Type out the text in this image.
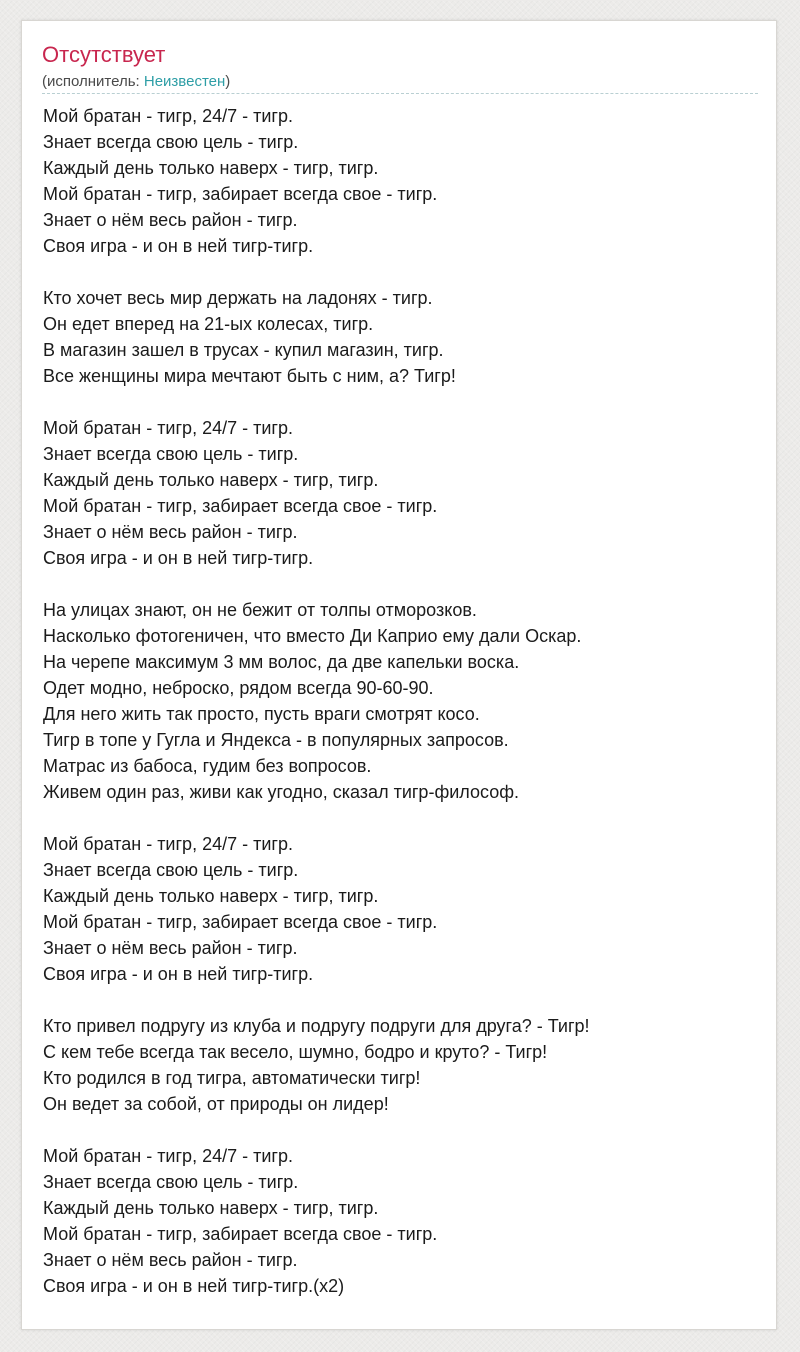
Отсутствует
(исполнитель: Неизвестен)
Мой братан - тигр, 24/7 - тигр.
Знает всегда свою цель - тигр.
Каждый день только наверх - тигр, тигр.
Мой братан - тигр, забирает всегда свое - тигр.
Знает о нём весь район - тигр.
Своя игра - и он в ней тигр-тигр.
Кто хочет весь мир держать на ладонях - тигр.
Он едет вперед на 21-ых колесах, тигр.
В магазин зашел в трусах - купил магазин, тигр.
Все женщины мира мечтают быть с ним, а? Тигр!
Мой братан - тигр, 24/7 - тигр.
Знает всегда свою цель - тигр.
Каждый день только наверх - тигр, тигр.
Мой братан - тигр, забирает всегда свое - тигр.
Знает о нём весь район - тигр.
Своя игра - и он в ней тигр-тигр.
На улицах знают, он не бежит от толпы отморозков.
Насколько фотогеничен, что вместо Ди Каприо ему дали Оскар.
На черепе максимум 3 мм волос, да две капельки воска.
Одет модно, неброско, рядом всегда 90-60-90.
Для него жить так просто, пусть враги смотрят косо.
Тигр в топе у Гугла и Яндекса - в популярных запросов.
Матрас из бабоса, гудим без вопросов.
Живем один раз, живи как угодно, сказал тигр-философ.
Мой братан - тигр, 24/7 - тигр.
Знает всегда свою цель - тигр.
Каждый день только наверх - тигр, тигр.
Мой братан - тигр, забирает всегда свое - тигр.
Знает о нём весь район - тигр.
Своя игра - и он в ней тигр-тигр.
Кто привел подругу из клуба и подругу подруги для друга? - Тигр!
С кем тебе всегда так весело, шумно, бодро и круто? - Тигр!
Кто родился в год тигра, автоматически тигр!
Он ведет за собой, от природы он лидер!
Мой братан - тигр, 24/7 - тигр.
Знает всегда свою цель - тигр.
Каждый день только наверх - тигр, тигр.
Мой братан - тигр, забирает всегда свое - тигр.
Знает о нём весь район - тигр.
Своя игра - и он в ней тигр-тигр.(x2)
